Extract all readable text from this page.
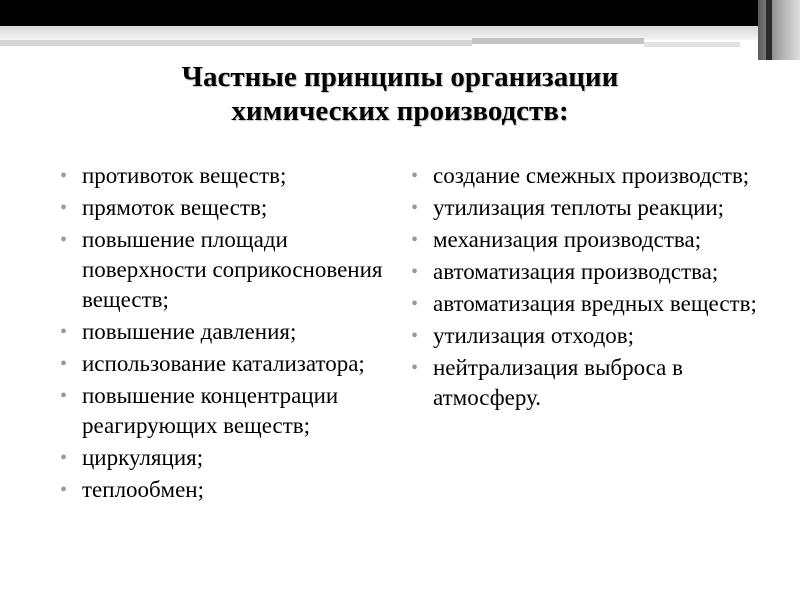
Частные принципы организации
химических производств:
• противоток веществ;
• прямоток веществ;
• повышение площади поверхности соприкосновения веществ;
• повышение давления;
• использование катализатора;
• повышение концентрации реагирующих веществ;
• циркуляция;
• теплообмен;
• создание смежных производств;
• утилизация теплоты реакции;
• механизация производства;
• автоматизация производства;
• автоматизация вредных веществ;
• утилизация отходов;
• нейтрализация выброса в атмосферу.
